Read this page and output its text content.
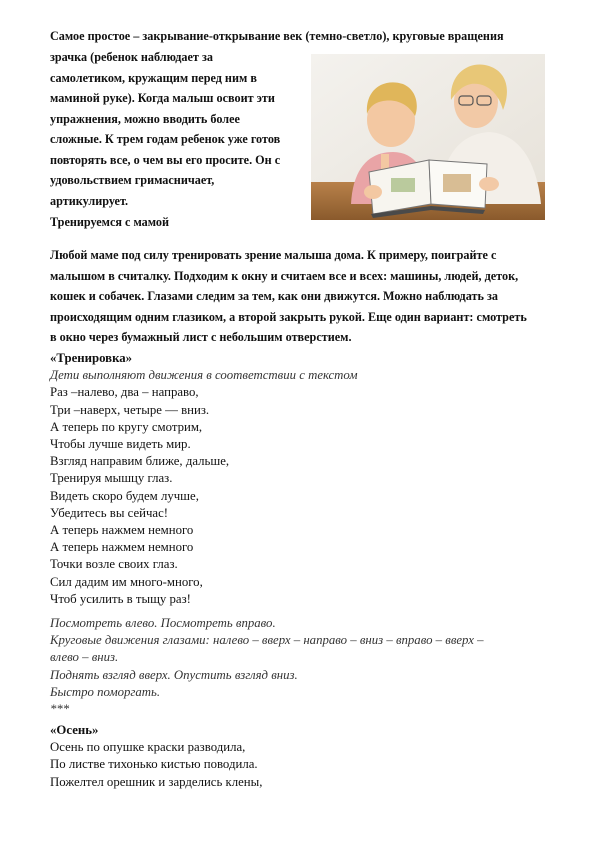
Самое простое – закрывание-открывание век (темно-светло), круговые вращения
зрачка (ребенок наблюдает за
самолетиком, кружащим перед ним в
маминой руке). Когда малыш освоит эти
упражнения, можно вводить более
сложные. К трем годам ребенок уже готов
повторять все, о чем вы его просите. Он с
удовольствием гримасничает,
артикулирует.
Тренируемся с мамой
Любой маме под силу тренировать зрение малыша дома. К примеру, поиграйте с
малышом в считалку. Подходим к окну и считаем все и всех: машины, людей, деток,
кошек и собачек. Глазами следим за тем, как они движутся. Можно наблюдать за
происходящим одним глазиком, а второй закрыть рукой. Еще один вариант: смотреть
в окно через бумажный лист с небольшим отверстием.
«Тренировка»
Дети выполняют движения в соответствии с текстом
Раз –налево, два – направо,
Три –наверх, четыре — вниз.
А теперь по кругу смотрим,
Чтобы лучше видеть мир.
Взгляд направим ближе, дальше,
Тренируя мышцу глаз.
Видеть скоро будем лучше,
Убедитесь вы сейчас!
А теперь нажмем немного
А теперь нажмем немного
Точки возле своих глаз.
Сил дадим им много-много,
Чтоб усилить в тыщу раз!
Посмотреть влево. Посмотреть вправо.
Круговые движения глазами: налево – вверх – направо – вниз – вправо – вверх –
влево – вниз.
Поднять взгляд вверх. Опустить взгляд вниз.
Быстро поморгать.
***
«Осень»
Осень по опушке краски разводила,
По листве тихонько кистью поводила.
Пожелтел орешник и зарделись клены,
